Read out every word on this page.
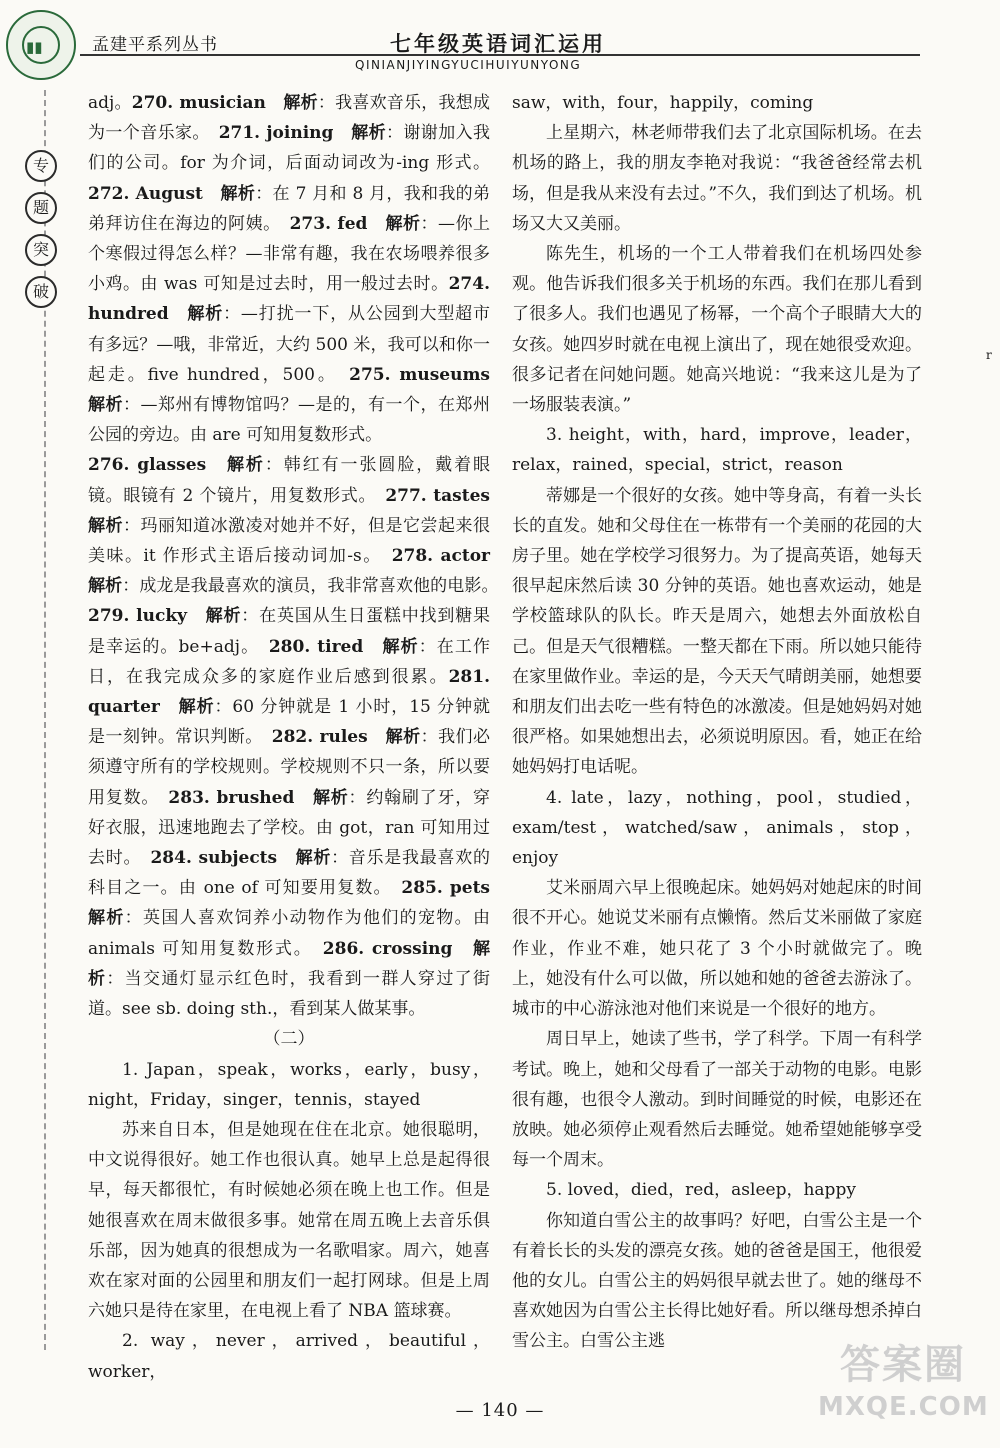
▮▮	孟建平系列丛书	七年级英语词汇运用
QINIANJIYINGYUCIHUIYUNYONG
专
题
突
破

adj。270. musician　 解析：我喜欢音乐，我想成为一个音乐家。　271. joining　 解析：谢谢加入我们的公司。for 为介词，后面动词改为-ing 形式。272. August　 解析：在 7 月和 8 月，我和我的弟弟拜访住在海边的阿姨。　273. fed　 解析：—你上个寒假过得怎么样？—非常有趣，我在农场喂养很多小鸡。由 was 可知是过去时，用一般过去时。274. hundred　 解析：—打扰一下，从公园到大型超市有多远？—哦，非常近，大约 500 米，我可以和你一起走。five hundred，500。　275. museums　解析：—郑州有博物馆吗？—是的，有一个，在郑州公园的旁边。由 are 可知用复数形式。

276. glasses　 解析：韩红有一张圆脸，戴着眼镜。眼镜有 2 个镜片，用复数形式。　277. tastes　解析：玛丽知道冰激凌对她并不好，但是它尝起来很美味。it 作形式主语后接动词加-s。　278. actor　解析：成龙是我最喜欢的演员，我非常喜欢他的电影。　279. lucky　 解析：在英国从生日蛋糕中找到糖果是幸运的。be+adj。　280. tired　 解析：在工作日，在我完成众多的家庭作业后感到很累。281. quarter　 解析：60 分钟就是 1 小时，15 分钟就是一刻钟。常识判断。　282. rules　 解析：我们必须遵守所有的学校规则。学校规则不只一条，所以要用复数。　283. brushed　 解析：约翰刷了牙，穿好衣服，迅速地跑去了学校。由 got，ran 可知用过去时。　284. subjects　 解析：音乐是我最喜欢的科目之一。由 one of 可知要用复数。　285. pets　解析：英国人喜欢饲养小动物作为他们的宠物。由 animals 可知用复数形式。　286. crossing　 解析：当交通灯显示红色时，我看到一群人穿过了街道。see sb. doing sth.，看到某人做某事。

（二）

1. Japan，speak，works，early，busy，night，Friday，singer，tennis，stayed

苏来自日本，但是她现在住在北京。她很聪明，中文说得很好。她工作也很认真。她早上总是起得很早，每天都很忙，有时候她必须在晚上也工作。但是她很喜欢在周末做很多事。她常在周五晚上去音乐俱乐部，因为她真的很想成为一名歌唱家。周六，她喜欢在家对面的公园里和朋友们一起打网球。但是上周六她只是待在家里，在电视上看了 NBA 篮球赛。

2. way，never，arrived，beautiful，worker，

saw，with，four，happily，coming

上星期六，林老师带我们去了北京国际机场。在去机场的路上，我的朋友李艳对我说：“我爸爸经常去机场，但是我从来没有去过。”不久，我们到达了机场。机场又大又美丽。

陈先生，机场的一个工人带着我们在机场四处参观。他告诉我们很多关于机场的东西。我们在那儿看到了很多人。我们也遇见了杨幂，一个高个子眼睛大大的女孩。她四岁时就在电视上演出了，现在她很受欢迎。很多记者在问她问题。她高兴地说：“我来这儿是为了一场服装表演。”

3. height，with，hard，improve，leader，relax，rained，special，strict，reason

蒂娜是一个很好的女孩。她中等身高，有着一头长长的直发。她和父母住在一栋带有一个美丽的花园的大房子里。她在学校学习很努力。为了提高英语，她每天很早起床然后读 30 分钟的英语。她也喜欢运动，她是学校篮球队的队长。昨天是周六，她想去外面放松自己。但是天气很糟糕。一整天都在下雨。所以她只能待在家里做作业。幸运的是，今天天气晴朗美丽，她想要和朋友们出去吃一些有特色的冰激凌。但是她妈妈对她很严格。如果她想出去，必须说明原因。看，她正在给她妈妈打电话呢。

4. late，lazy，nothing，pool，studied，exam/test，watched/saw，animals，stop，enjoy

艾米丽周六早上很晚起床。她妈妈对她起床的时间很不开心。她说艾米丽有点懒惰。然后艾米丽做了家庭作业，作业不难，她只花了 3 个小时就做完了。晚上，她没有什么可以做，所以她和她的爸爸去游泳了。城市的中心游泳池对他们来说是一个很好的地方。

周日早上，她读了些书，学了科学。下周一有科学考试。晚上，她和父母看了一部关于动物的电影。电影很有趣，也很令人激动。到时间睡觉的时候，电影还在放映。她必须停止观看然后去睡觉。她希望她能够享受每一个周末。

5. loved，died，red，asleep，happy

你知道白雪公主的故事吗？好吧，白雪公主是一个有着长长的头发的漂亮女孩。她的爸爸是国王，他很爱他的女儿。白雪公主的妈妈很早就去世了。她的继母不喜欢她因为白雪公主长得比她好看。所以继母想杀掉白雪公主。白雪公主逃

r
— 140 —
答案圈
MXQE.COM
